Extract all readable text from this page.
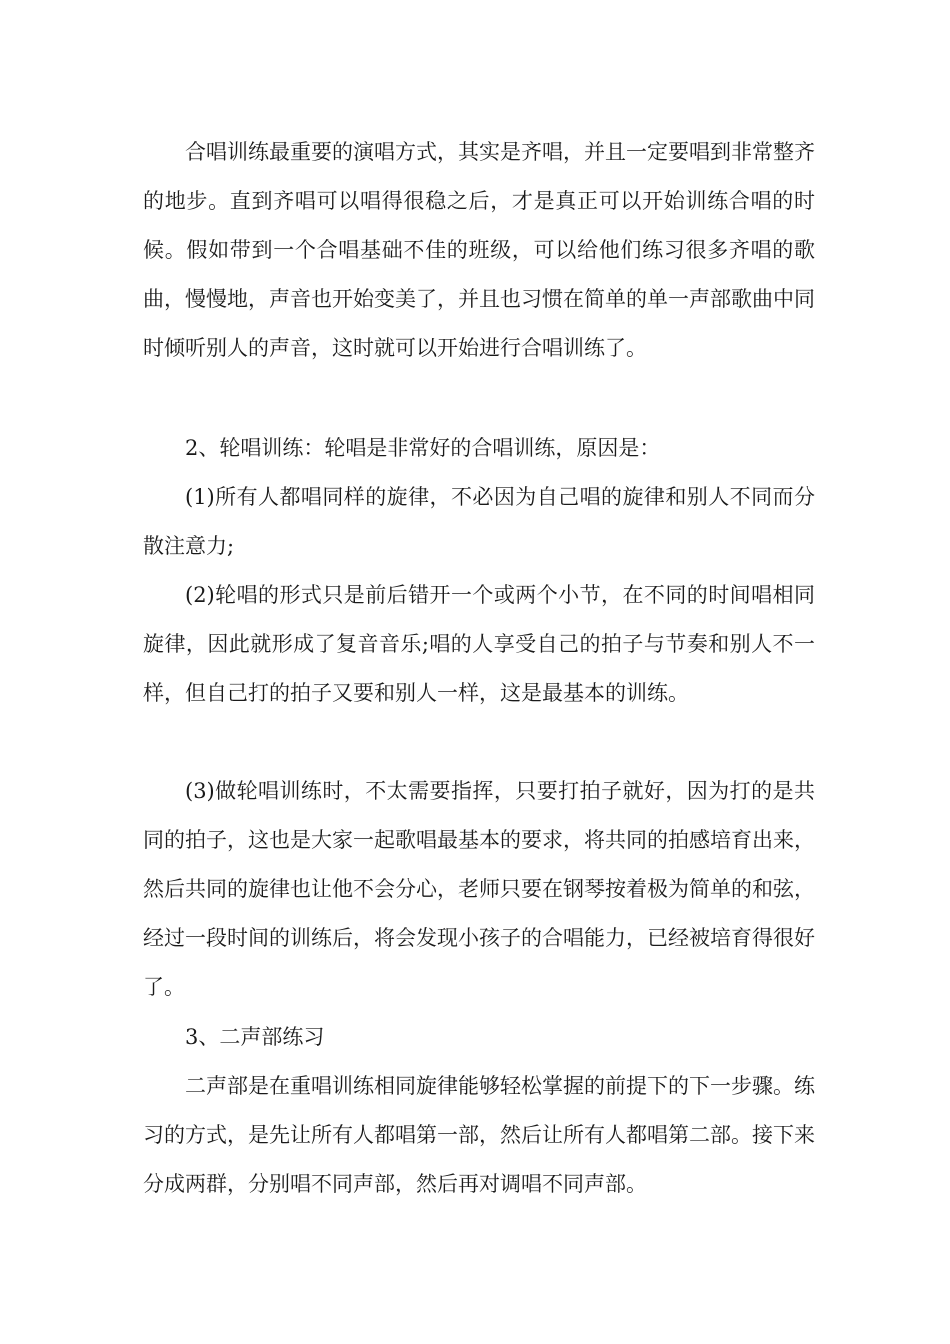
合唱训练最重要的演唱方式，其实是齐唱，并且一定要唱到非常整齐的地步。直到齐唱可以唱得很稳之后，才是真正可以开始训练合唱的时候。假如带到一个合唱基础不佳的班级，可以给他们练习很多齐唱的歌曲，慢慢地，声音也开始变美了，并且也习惯在简单的单一声部歌曲中同时倾听别人的声音，这时就可以开始进行合唱训练了。

2、轮唱训练：轮唱是非常好的合唱训练，原因是：

(1)所有人都唱同样的旋律，不必因为自己唱的旋律和别人不同而分散注意力;

(2)轮唱的形式只是前后错开一个或两个小节，在不同的时间唱相同旋律，因此就形成了复音音乐;唱的人享受自己的拍子与节奏和别人不一样，但自己打的拍子又要和别人一样，这是最基本的训练。

(3)做轮唱训练时，不太需要指挥，只要打拍子就好，因为打的是共同的拍子，这也是大家一起歌唱最基本的要求，将共同的拍感培育出来，然后共同的旋律也让他不会分心，老师只要在钢琴按着极为简单的和弦，经过一段时间的训练后，将会发现小孩子的合唱能力，已经被培育得很好了。

3、二声部练习

二声部是在重唱训练相同旋律能够轻松掌握的前提下的下一步骤。练习的方式，是先让所有人都唱第一部，然后让所有人都唱第二部。接下来分成两群，分别唱不同声部，然后再对调唱不同声部。
